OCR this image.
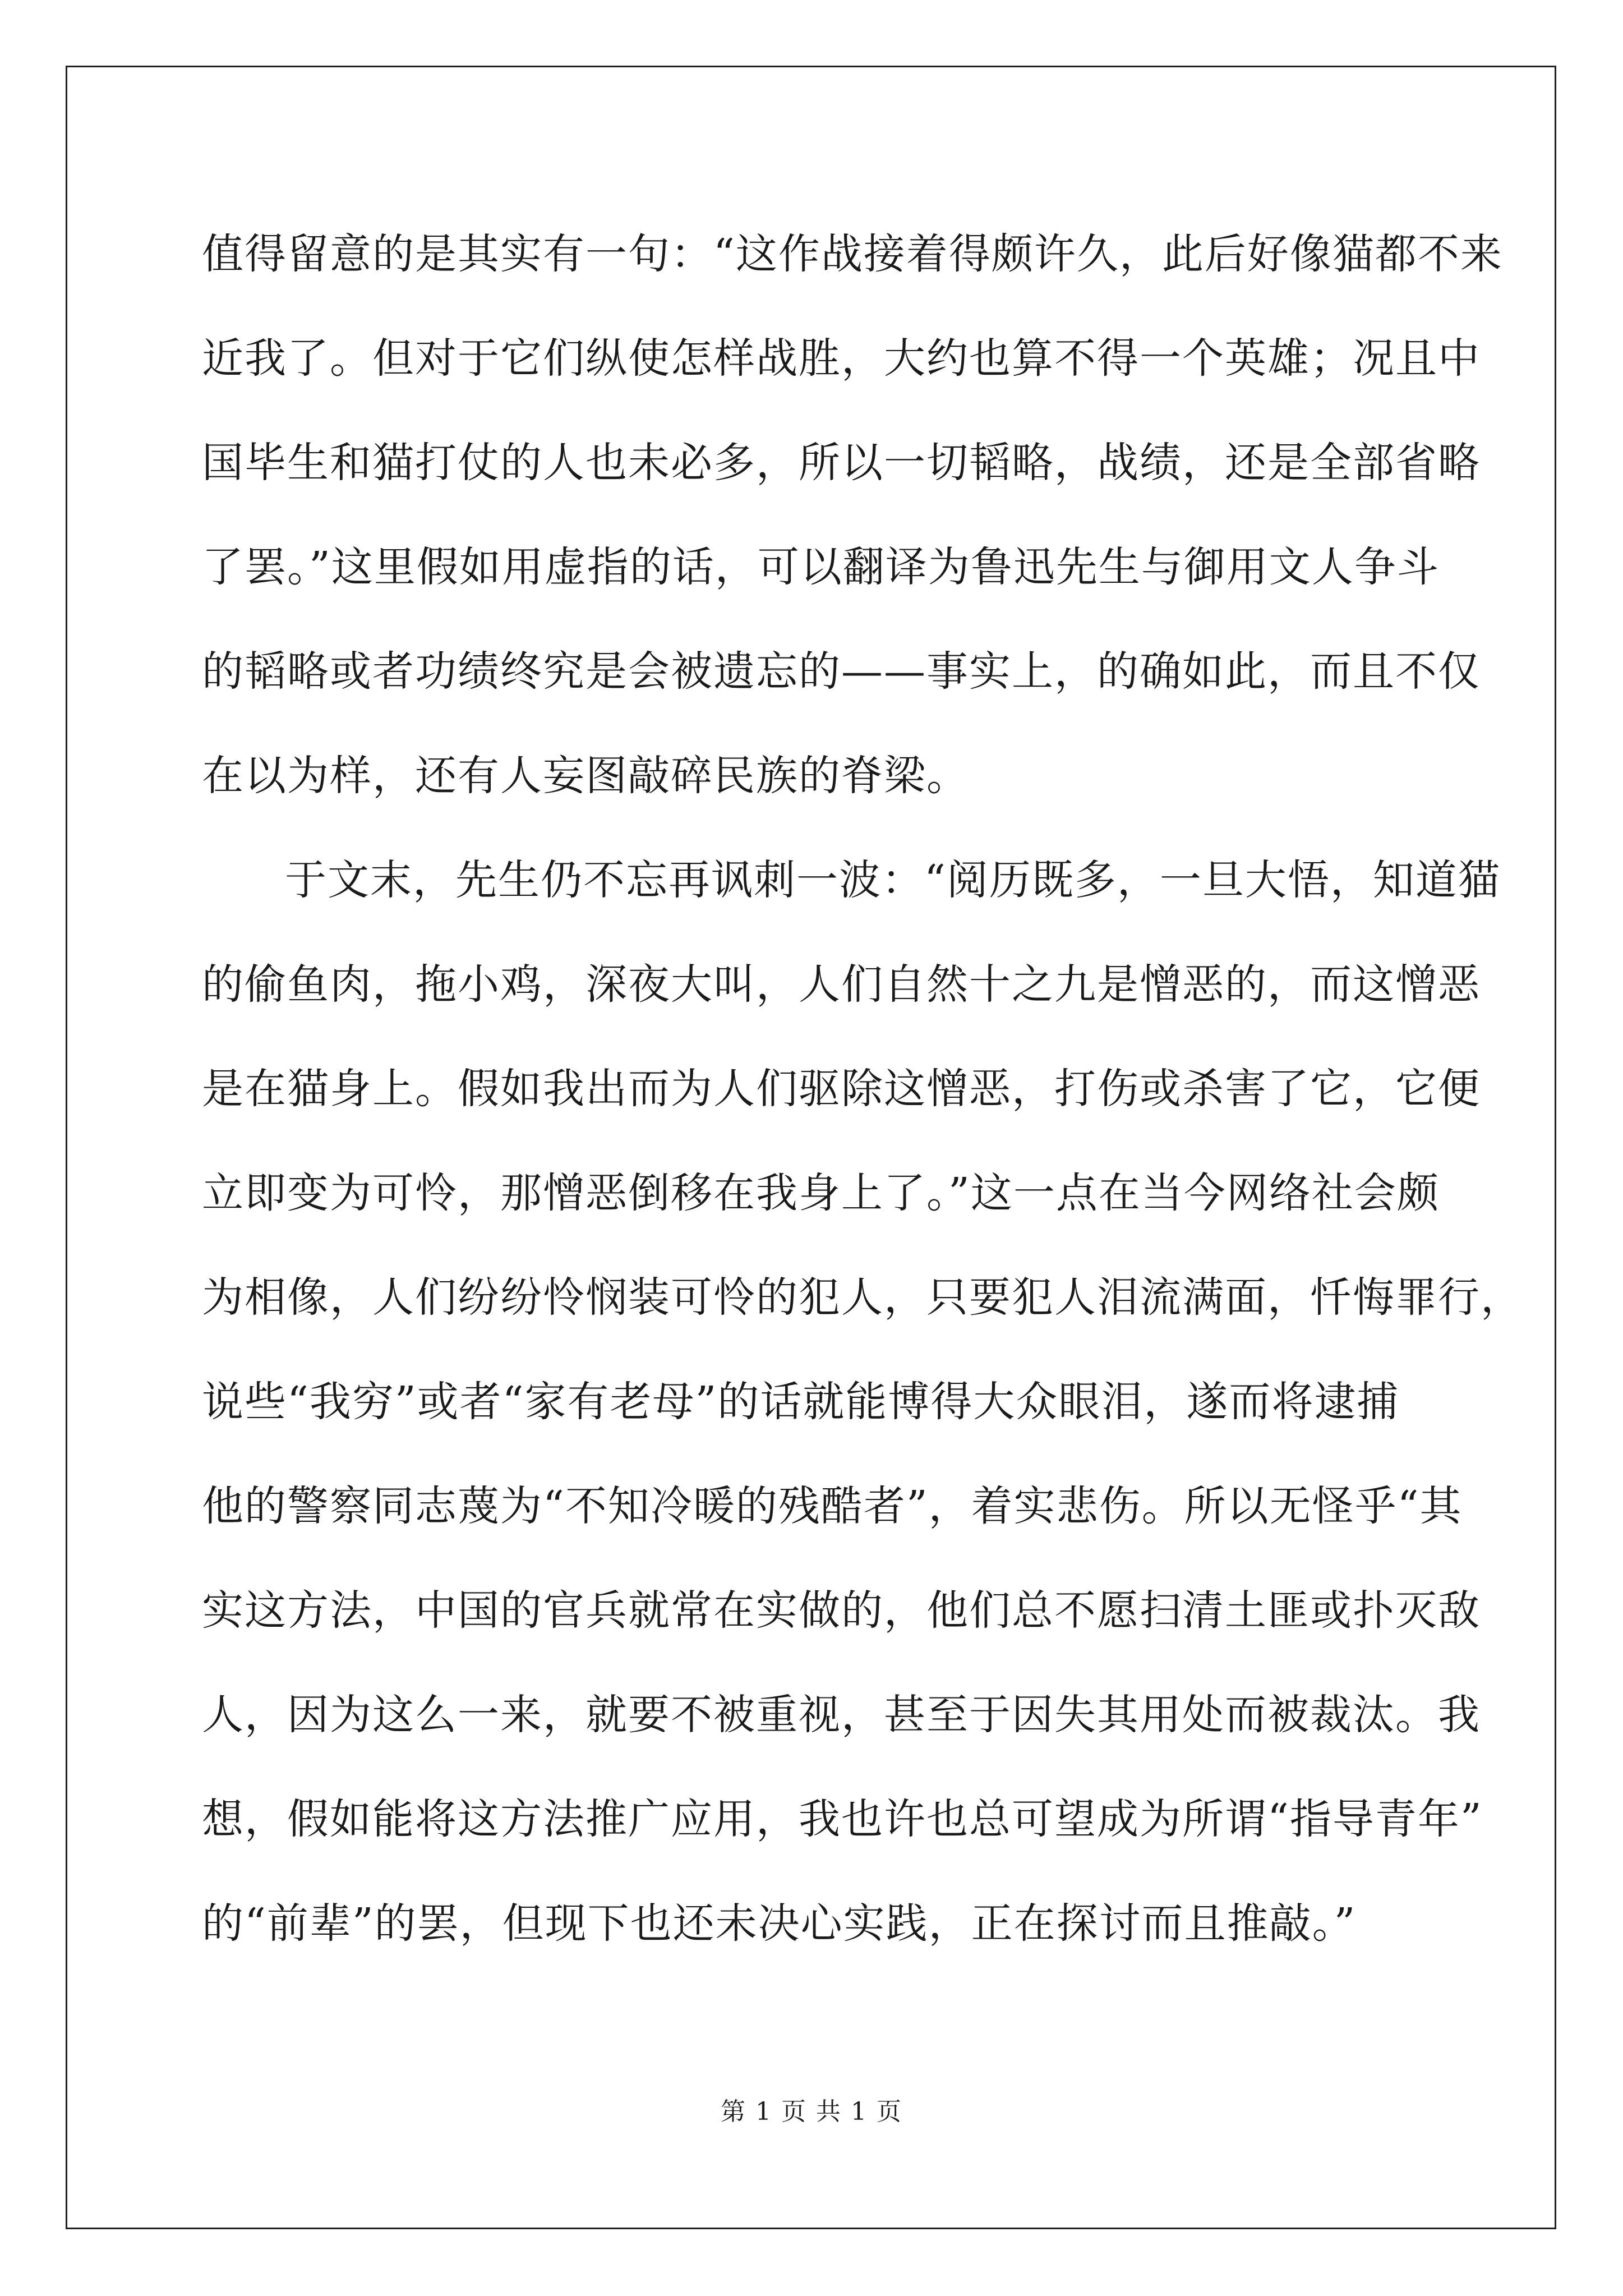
值得留意的是其实有一句：“这作战接着得颇许久，此后好像猫都不来
近我了。但对于它们纵使怎样战胜，大约也算不得一个英雄；况且中
国毕生和猫打仗的人也未必多，所以一切韬略，战绩，还是全部省略
了罢。”这里假如用虚指的话，可以翻译为鲁迅先生与御用文人争斗
的韬略或者功绩终究是会被遗忘的——事实上，的确如此，而且不仅
在以为样，还有人妄图敲碎民族的脊梁。
于文末，先生仍不忘再讽刺一波：“阅历既多，一旦大悟，知道猫
的偷鱼肉，拖小鸡，深夜大叫，人们自然十之九是憎恶的，而这憎恶
是在猫身上。假如我出而为人们驱除这憎恶，打伤或杀害了它，它便
立即变为可怜，那憎恶倒移在我身上了。”这一点在当今网络社会颇
为相像，人们纷纷怜悯装可怜的犯人，只要犯人泪流满面，忏悔罪行，
说些“我穷”或者“家有老母”的话就能博得大众眼泪，遂而将逮捕
他的警察同志蔑为“不知冷暖的残酷者”，着实悲伤。所以无怪乎“其
实这方法，中国的官兵就常在实做的，他们总不愿扫清土匪或扑灭敌
人，因为这么一来，就要不被重视，甚至于因失其用处而被裁汰。我
想，假如能将这方法推广应用，我也许也总可望成为所谓“指导青年”
的“前辈”的罢，但现下也还未决心实践，正在探讨而且推敲。”
第 1 页 共 1 页
